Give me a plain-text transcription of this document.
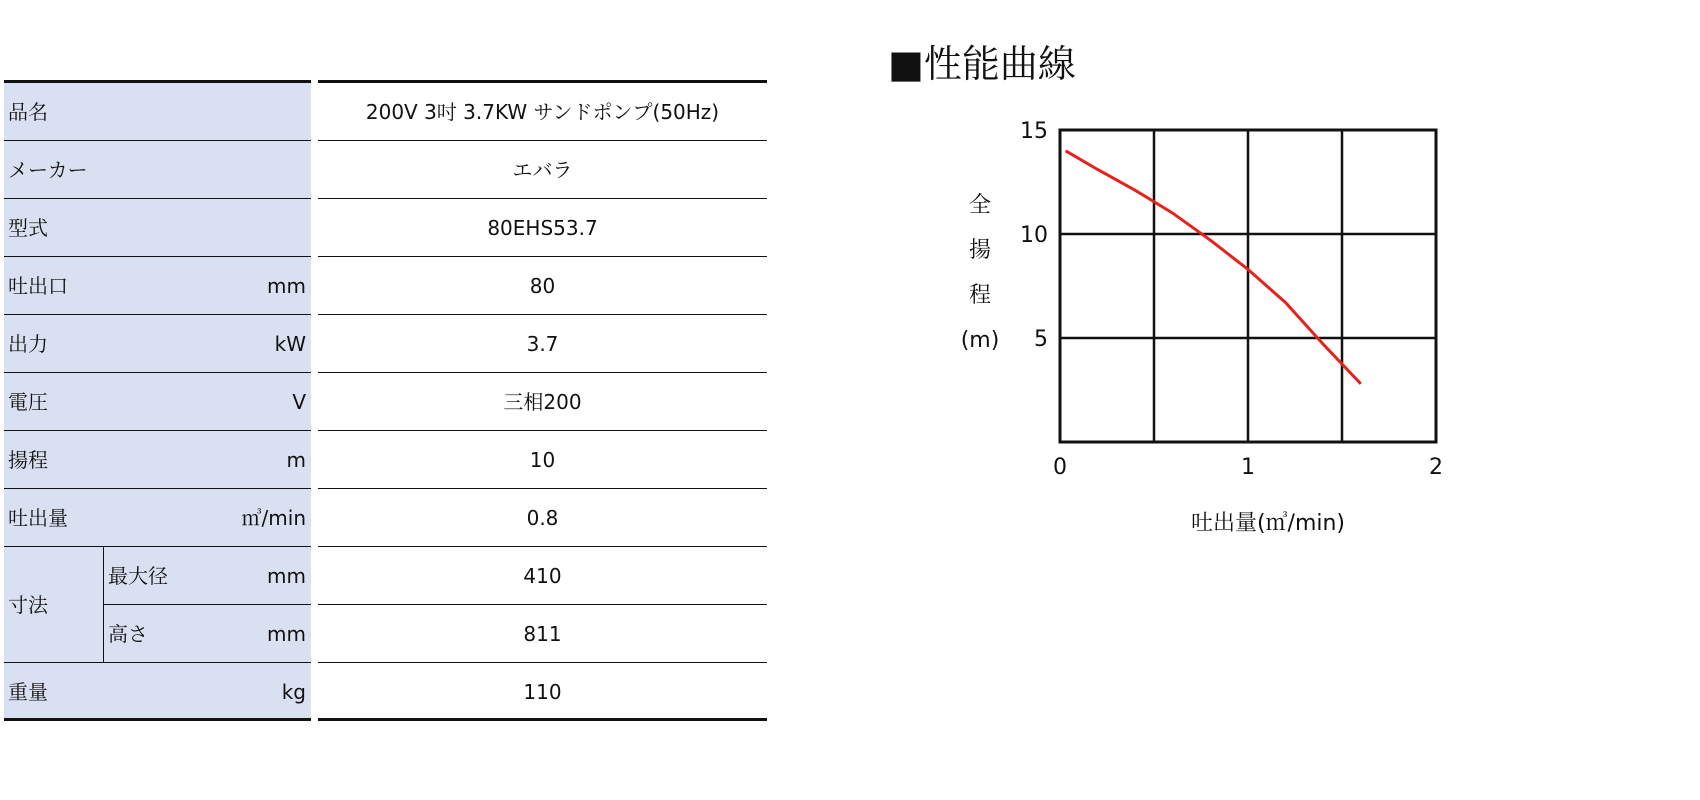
品名	200V 3吋 3.7KW サンドポンプ(50Hz)
メーカー	エバラ
型式	80EHS53.7
吐出口	mm	80
出力	kW	3.7
電圧	V	三相200
揚程	m	10
吐出量	㎥/min	0.8
寸法
最大径	mm	410
高さ	mm	811
重量	kg	110
■性能曲線
0	1	2
15
10
5
全
揚
程
(m)
吐出量(㎥/min)
